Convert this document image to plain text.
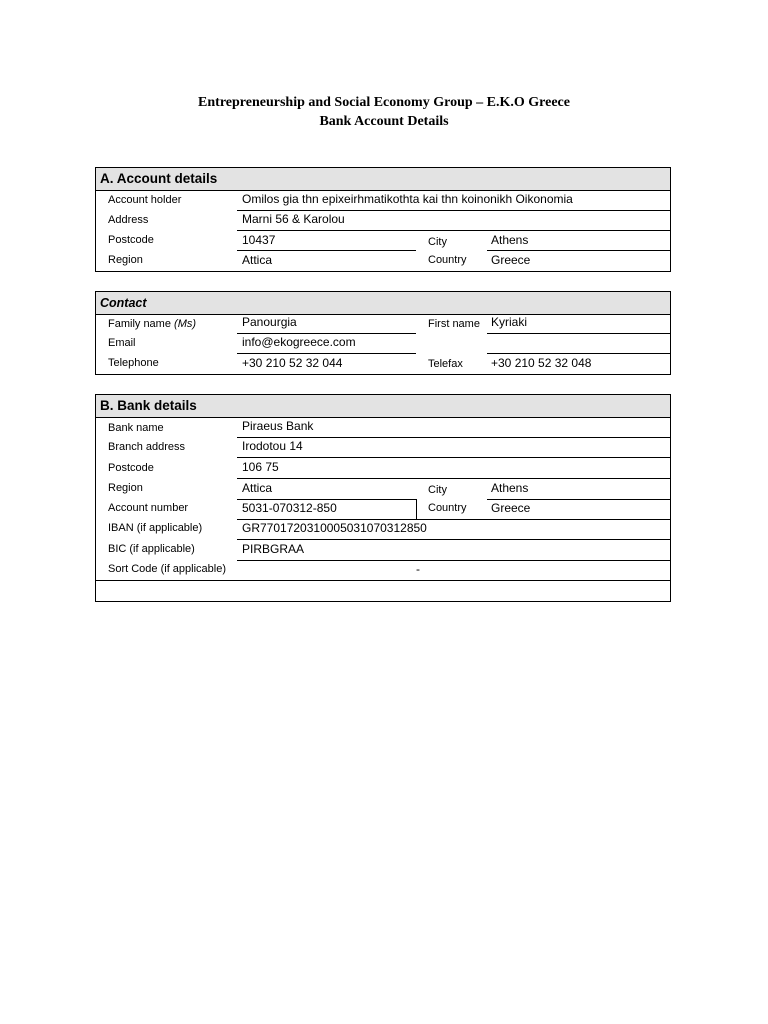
Entrepreneurship and Social Economy Group – E.K.O Greece
Bank Account Details
A. Account details
Account holder	Omilos gia thn epixeirhmatikothta kai thn koinonikh Oikonomia
Address	Marni 56 & Karolou
Postcode	10437	City	Athens
Region	Attica	Country Greece
Contact
Family name (Ms)	Panourgia	First name Kyriaki
Email	info@ekogreece.com
Telephone	+30 210 52 32 044	Telefax +30 210 52 32 048
B. Bank details
Bank name	Piraeus Bank
Branch address	Irodotou 14
Postcode	106 75
Region	Attica	City	Athens
Account number	5031-070312-850	Country Greece
IBAN (if applicable)	GR7701720310005031070312850
BIC (if applicable)	PIRBGRAA
Sort Code (if applicable)	-
